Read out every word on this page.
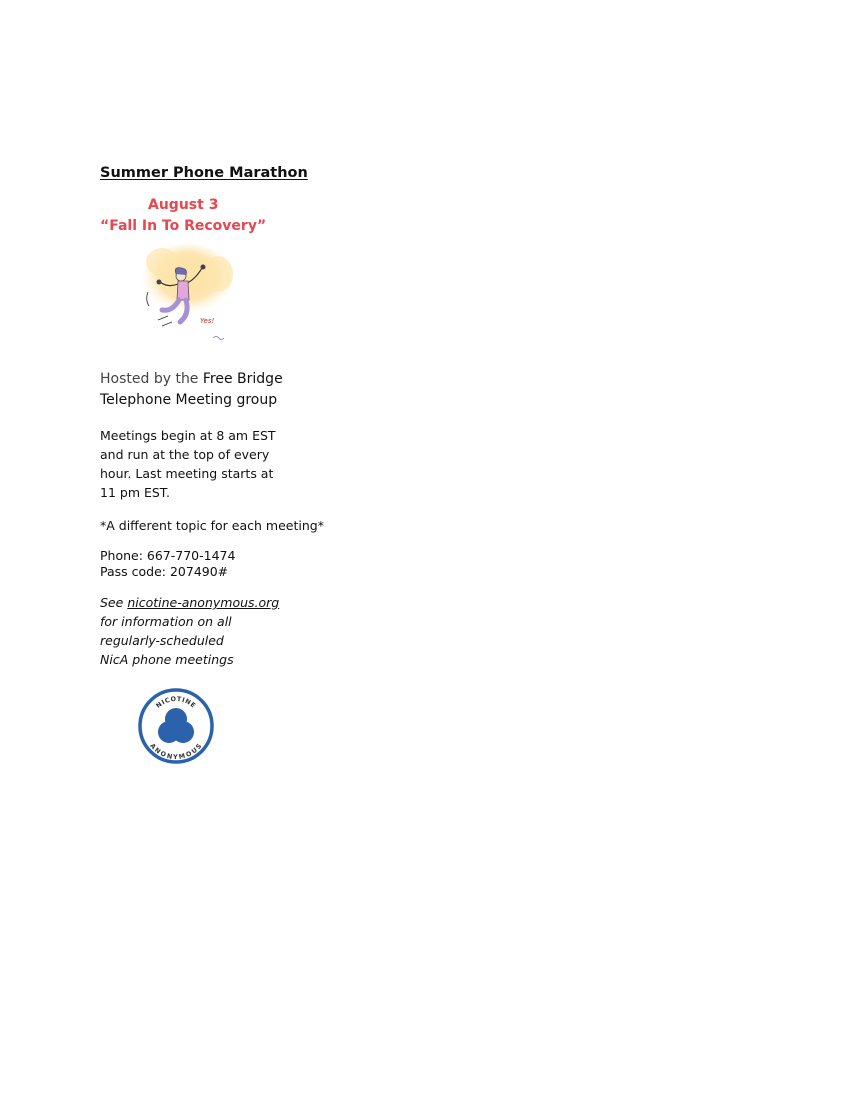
Summer Phone Marathon

August 3

“Fall In To Recovery”

Yes!
Hosted by the Free Bridge
Telephone Meeting group
Meetings begin at 8 am EST
and run at the top of every
hour. Last meeting starts at
11 pm EST.

*A different topic for each meeting*

Phone: 667-770-1474
Pass code: 207490#
See nicotine-anonymous.org
for information on all
regularly-scheduled
NicA phone meetings
NICOTINE
ANONYMOUS
